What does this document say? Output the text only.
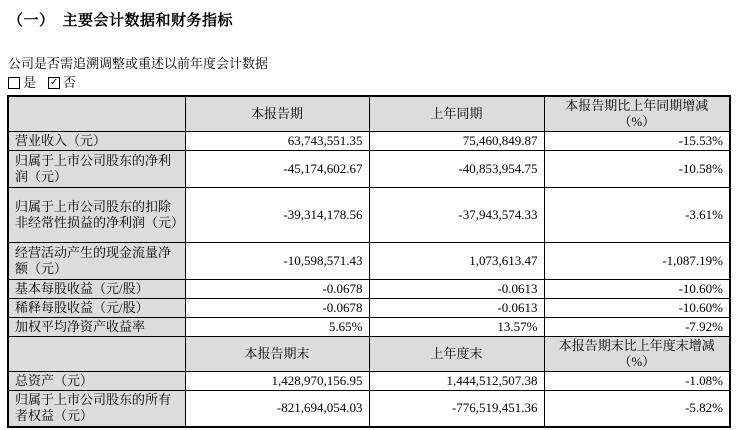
（一）　主要会计数据和财务指标
公司是否需追溯调整或重述以前年度会计数据
是 ✓ 否
	本报告期	上年同期	本报告期比上年同期增减
（%）

营业收入（元）	63,743,551.35	75,460,849.87	-15.53%
归属于上市公司股东的净利润（元）	-45,174,602.67	-40,853,954.75	-10.58%
归属于上市公司股东的扣除非经常性损益的净利润（元）	-39,314,178.56	-37,943,574.33	-3.61%
经营活动产生的现金流量净额（元）	-10,598,571.43	1,073,613.47	-1,087.19%
基本每股收益（元/股）	-0.0678	-0.0613	-10.60%
稀释每股收益（元/股）	-0.0678	-0.0613	-10.60%
加权平均净资产收益率	5.65%	13.57%	-7.92%
	本报告期末	上年度末	本报告期末比上年度末增减
（%）

总资产（元）	1,428,970,156.95	1,444,512,507.38	-1.08%
归属于上市公司股东的所有者权益（元）	-821,694,054.03	-776,519,451.36	-5.82%
